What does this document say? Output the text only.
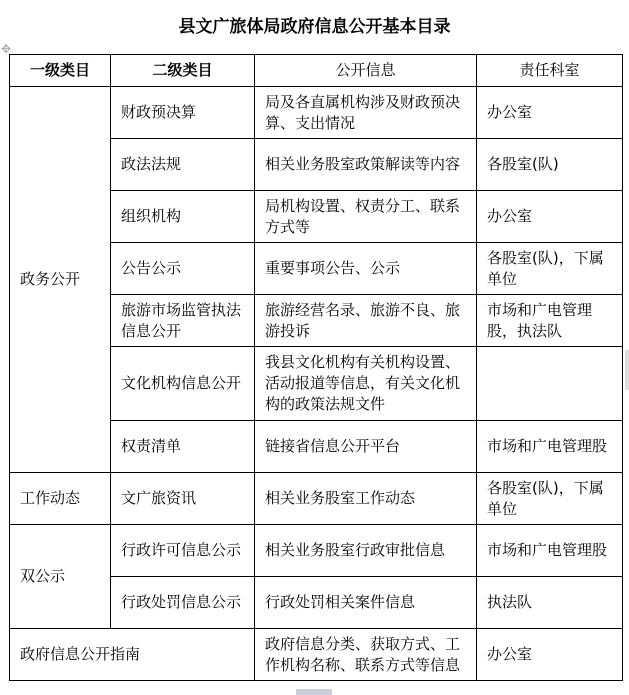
县文广旅体局政府信息公开基本目录
✥
一级类目	二级类目	公开信息	责任科室
政务公开	财政预决算	局及各直属机构涉及财政预决算、支出情况	办公室
	政法法规	相关业务股室政策解读等内容	各股室(队)
	组织机构	局机构设置、权责分工、联系方式等	办公室
	公告公示	重要事项公告、公示	各股室(队)，下属单位
	旅游市场监管执法信息公开	旅游经营名录、旅游不良、旅游投诉	市场和广电管理股，执法队
	文化机构信息公开	我县文化机构有关机构设置、活动报道等信息，有关文化机构的政策法规文件	
	权责清单	链接省信息公开平台	市场和广电管理股
工作动态	文广旅资讯	相关业务股室工作动态	各股室(队)，下属单位
双公示	行政许可信息公示	相关业务股室行政审批信息	市场和广电管理股
	行政处罚信息公示	行政处罚相关案件信息	执法队
政府信息公开指南		政府信息分类、获取方式、工作机构名称、联系方式等信息	办公室
